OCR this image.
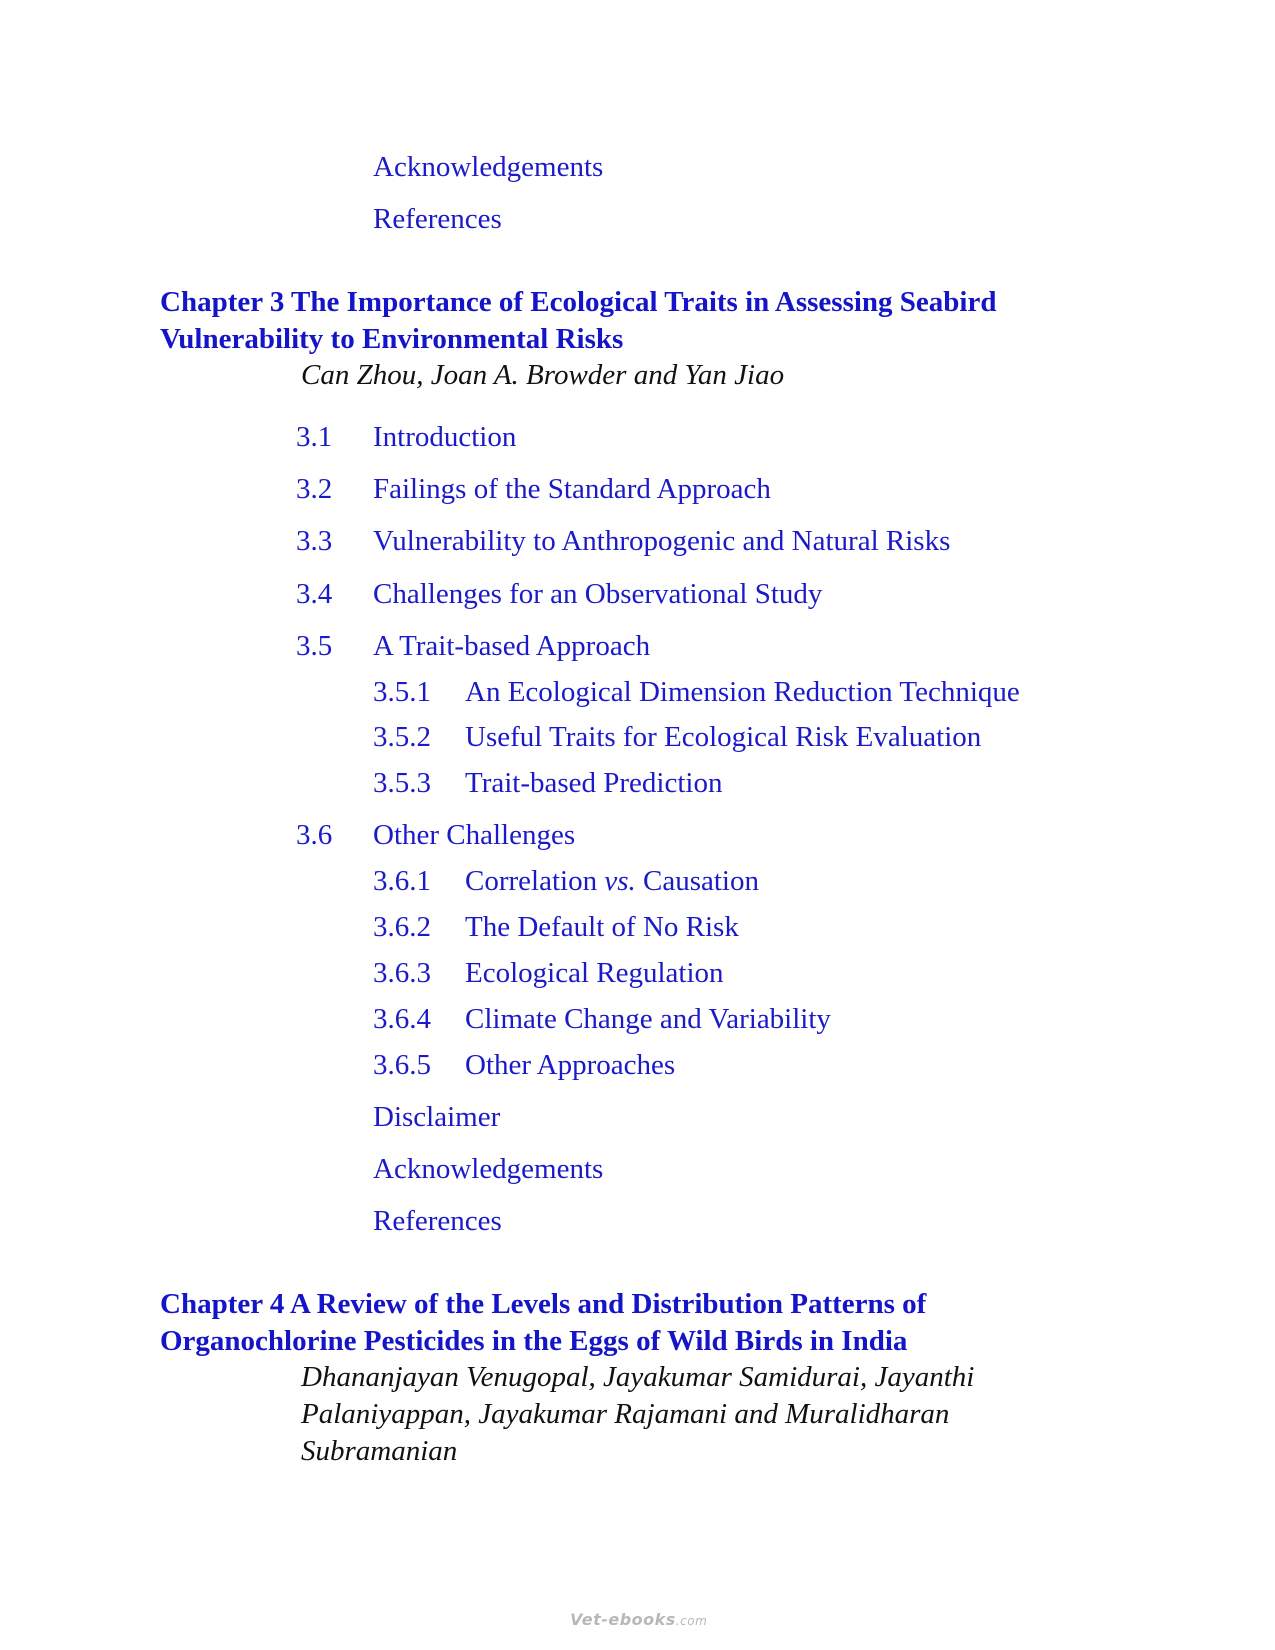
Acknowledgements
References
Chapter 3 The Importance of Ecological Traits in Assessing Seabird
Vulnerability to Environmental Risks
Can Zhou, Joan A. Browder and Yan Jiao
3.1 Introduction
3.2 Failings of the Standard Approach
3.3 Vulnerability to Anthropogenic and Natural Risks
3.4 Challenges for an Observational Study
3.5 A Trait-based Approach
3.5.1 An Ecological Dimension Reduction Technique
3.5.2 Useful Traits for Ecological Risk Evaluation
3.5.3 Trait-based Prediction
3.6 Other Challenges
3.6.1 Correlation vs. Causation
3.6.2 The Default of No Risk
3.6.3 Ecological Regulation
3.6.4 Climate Change and Variability
3.6.5 Other Approaches
Disclaimer
Acknowledgements
References
Chapter 4 A Review of the Levels and Distribution Patterns of
Organochlorine Pesticides in the Eggs of Wild Birds in India
Dhananjayan Venugopal, Jayakumar Samidurai, Jayanthi
Palaniyappan, Jayakumar Rajamani and Muralidharan
Subramanian
Vet-ebooks.com
